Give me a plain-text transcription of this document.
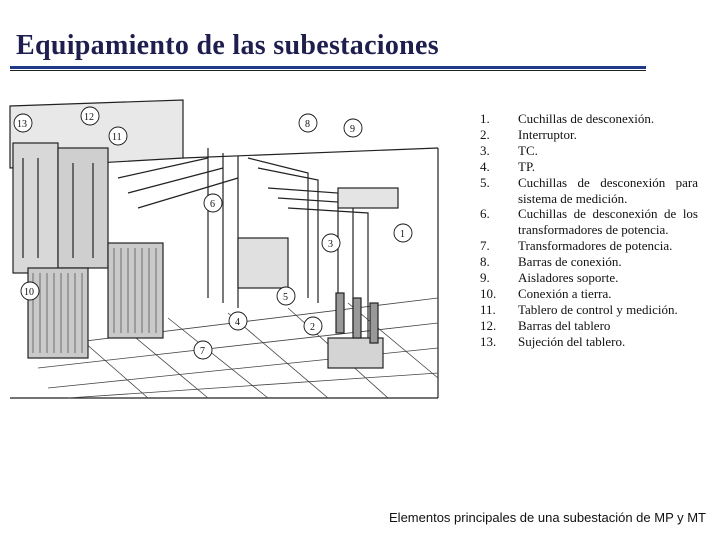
Equipamiento de las subestaciones
13
12
11
8	9
6
3
1
4
5
2
7
10
1.	Cuchillas de desconexión.
2.	Interruptor.
3.	TC.
4.	TP.
5.	Cuchillas de desconexión para sistema de medición.
6.	Cuchillas de desconexión de los transformadores de potencia.
7.	Transformadores de potencia.
8.	Barras de conexión.
9.	Aisladores soporte.
10.	Conexión a tierra.
11.	Tablero de control y medición.
12.	Barras del tablero
13.	Sujeción del tablero.
Elementos principales de una subestación de MP y MT
